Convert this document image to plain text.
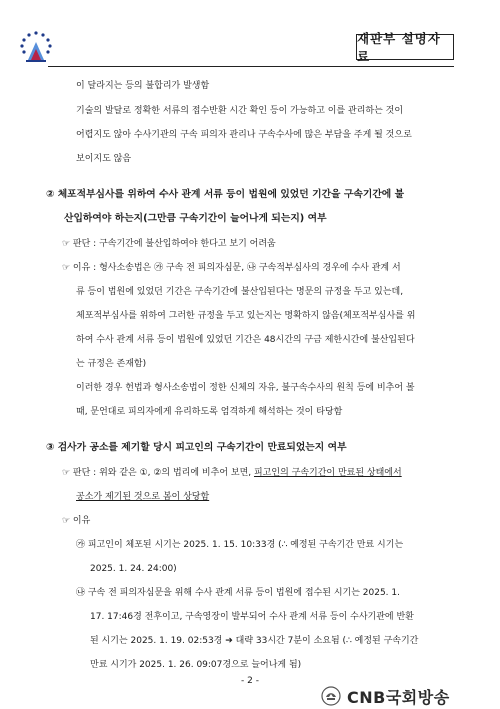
재판부 설명자료
이 달라지는 등의 불합리가 발생함
기술의 발달로 정확한 서류의 접수반환 시간 확인 등이 가능하고 이를 관리하는 것이
어렵지도 않아 수사기관의 구속 피의자 관리나 구속수사에 많은 부담을 주게 될 것으로
보이지도 않음
② 체포적부심사를 위하여 수사 관계 서류 등이 법원에 있었던 기간을 구속기간에 불
산입하여야 하는지(그만큼 구속기간이 늘어나게 되는지) 여부
☞ 판단 : 구속기간에 불산입하여야 한다고 보기 어려움
☞ 이유 : 형사소송법은 ㉮ 구속 전 피의자심문, ㉯ 구속적부심사의 경우에 수사 관계 서
류 등이 법원에 있었던 기간은 구속기간에 불산입된다는 명문의 규정을 두고 있는데,
체포적부심사를 위하여 그러한 규정을 두고 있는지는 명확하지 않음(체포적부심사를 위
하여 수사 관계 서류 등이 법원에 있었던 기간은 48시간의 구금 제한시간에 불산입된다
는 규정은 존재함)
이러한 경우 헌법과 형사소송법이 정한 신체의 자유, 불구속수사의 원칙 등에 비추어 볼
때, 문언대로 피의자에게 유리하도록 엄격하게 해석하는 것이 타당함
③ 검사가 공소를 제기할 당시 피고인의 구속기간이 만료되었는지 여부
☞ 판단 : 위와 같은 ①, ②의 법리에 비추어 보면, 피고인의 구속기간이 만료된 상태에서
공소가 제기된 것으로 봄이 상당함
☞ 이유
㉮ 피고인이 체포된 시기는 2025. 1. 15. 10:33경 (∴ 예정된 구속기간 만료 시기는
2025. 1. 24. 24:00)
㉯ 구속 전 피의자심문을 위해 수사 관계 서류 등이 법원에 접수된 시기는 2025. 1.
17. 17:46경 전후이고, 구속영장이 발부되어 수사 관계 서류 등이 수사기관에 반환
된 시기는 2025. 1. 19. 02:53경 ➔ 대략 33시간 7분이 소요됨 (∴ 예정된 구속기간
- 2 -
CNB국회방송
만료 시기가 2025. 1. 26. 09:07경으로 늘어나게 됨)
